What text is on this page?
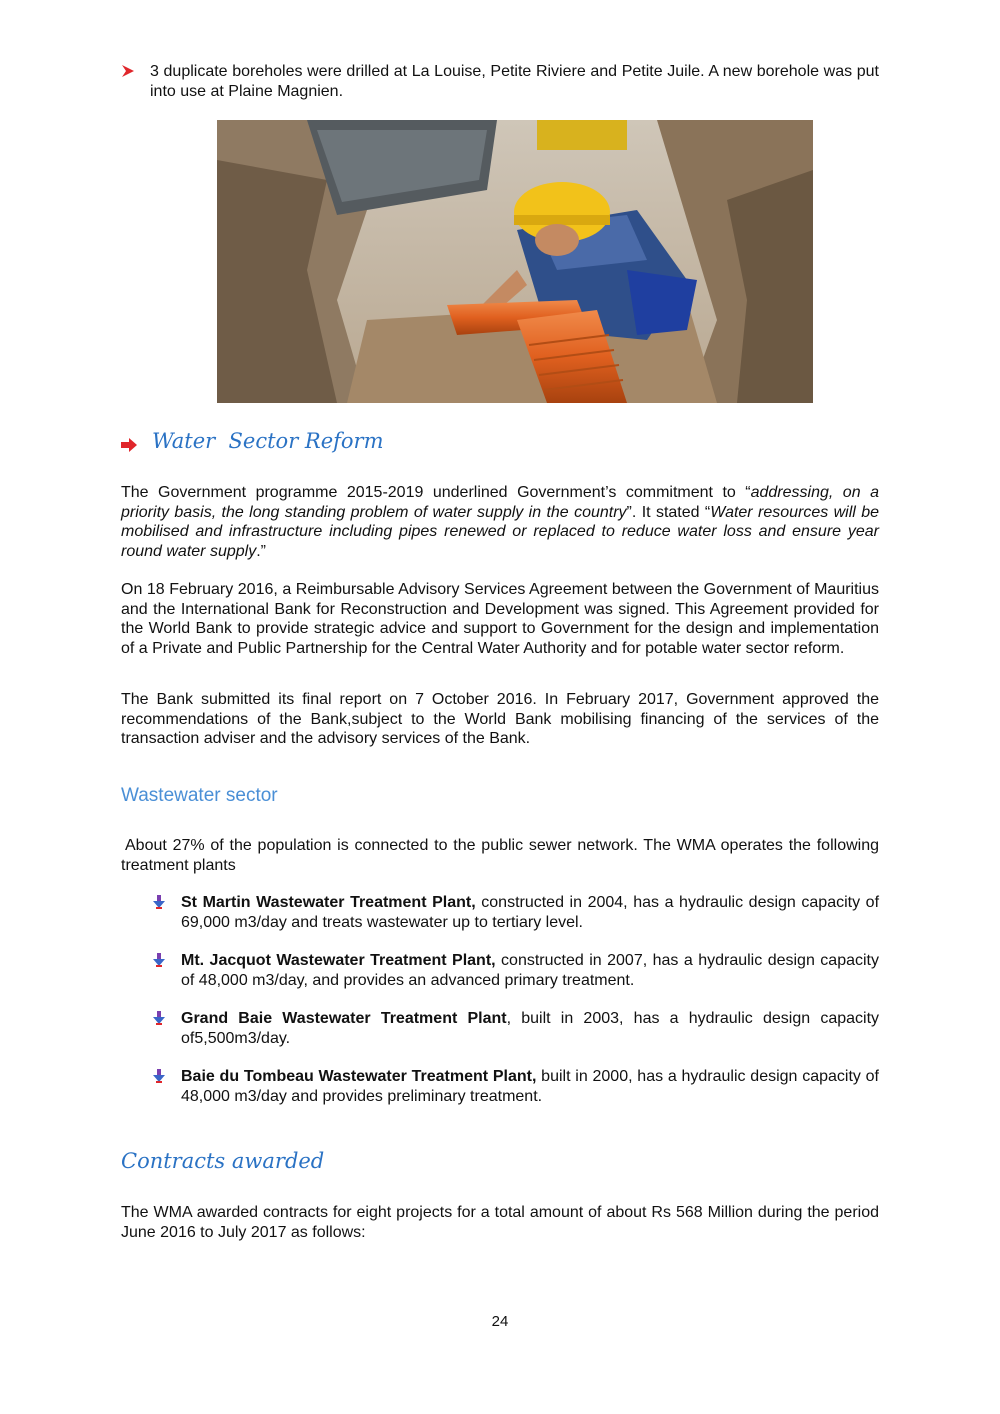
3 duplicate boreholes were drilled at La Louise, Petite Riviere and Petite Juile. A new borehole was put into use at Plaine Magnien.
Water  Sector Reform
The Government programme 2015-2019 underlined Government’s commitment to “addressing, on a priority basis, the long standing problem of water supply in the country”. It stated “Water resources will be mobilised and infrastructure including pipes renewed or replaced to reduce water loss and ensure year round water supply.”
On 18 February 2016, a Reimbursable Advisory Services Agreement between the Government of Mauritius and the International Bank for Reconstruction and Development was signed. This Agreement provided for the World Bank to provide strategic advice and support to Government for the design and implementation of a Private and Public Partnership for the Central Water Authority and for potable water sector reform.
The Bank submitted its final report on 7 October 2016. In February 2017, Government approved the recommendations of the Bank,subject to the World Bank mobilising financing of the services of the transaction adviser and the advisory services of the Bank.
Wastewater sector
About 27% of the population is connected to the public sewer network. The WMA operates the following treatment plants
St Martin Wastewater Treatment Plant, constructed in 2004, has a hydraulic design capacity of 69,000 m3/day and treats wastewater up to tertiary level.
Mt. Jacquot Wastewater Treatment Plant, constructed in 2007, has a hydraulic design capacity of 48,000 m3/day, and provides an advanced primary treatment.
Grand Baie Wastewater Treatment Plant, built in 2003, has a hydraulic design capacity of5,500m3/day.
Baie du Tombeau Wastewater Treatment Plant, built in 2000, has a hydraulic design capacity of 48,000 m3/day and provides preliminary treatment.
Contracts awarded
The WMA awarded contracts for eight projects for a total amount of about Rs 568 Million during the period June 2016 to July 2017 as follows:
24
